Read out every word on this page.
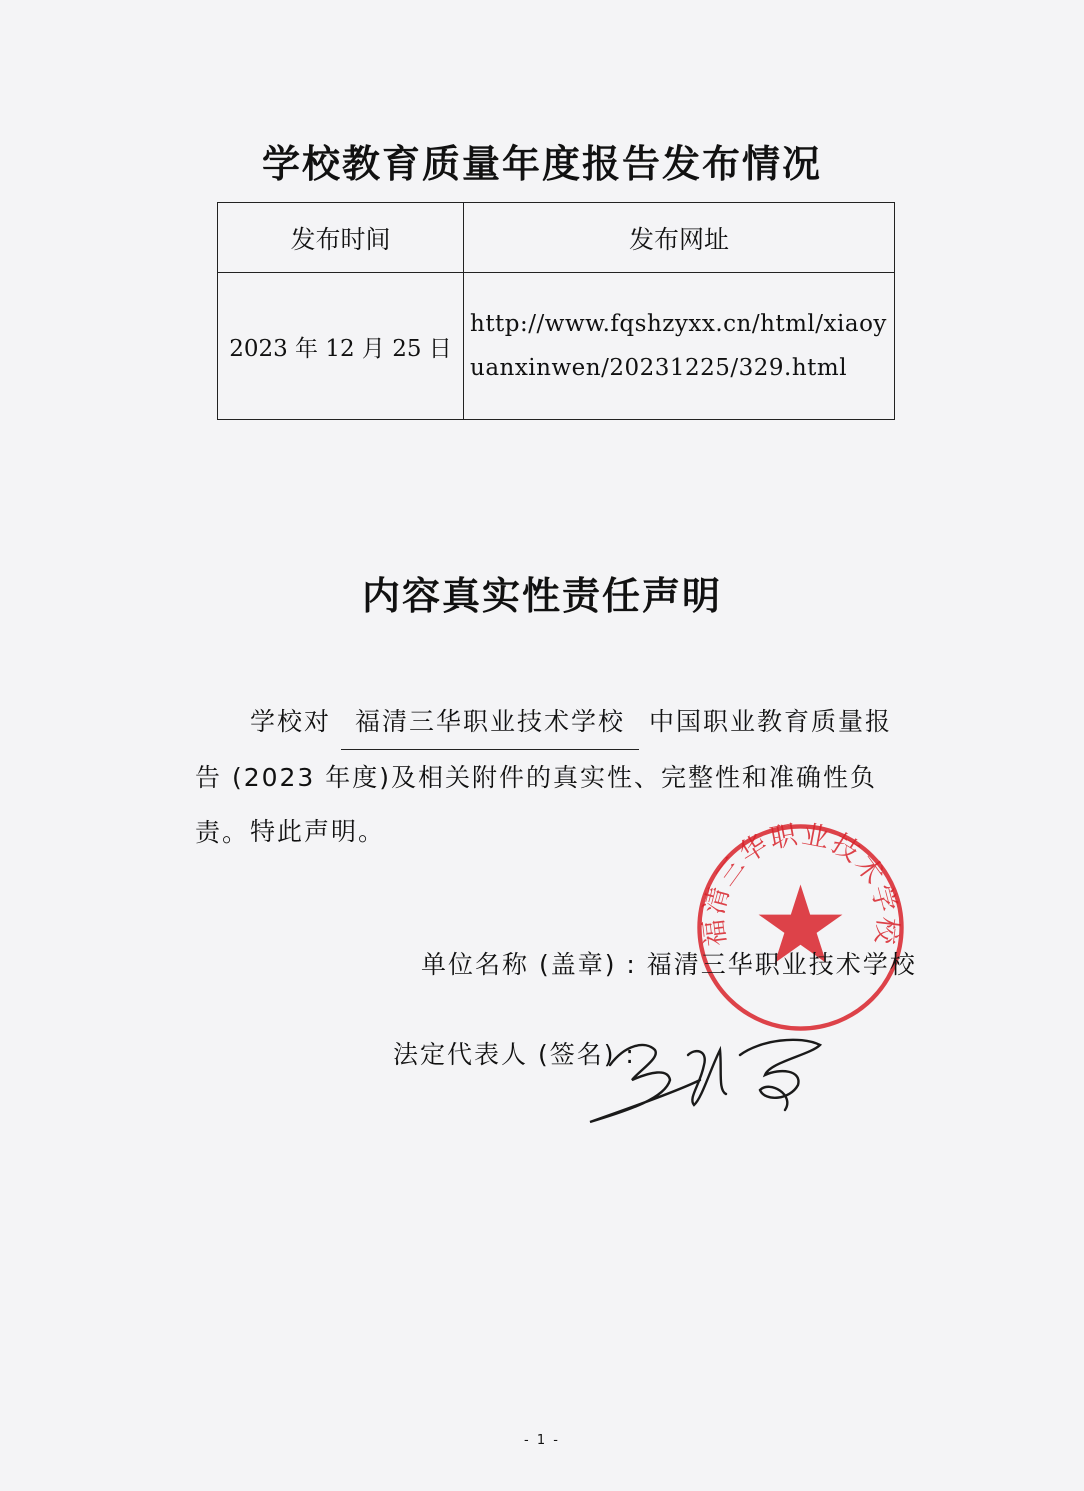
学校教育质量年度报告发布情况
发布时间	发布网址
2023 年 12 月 25 日	http://www.fqshzyxx.cn/html/xiaoyuanxinwen/20231225/329.html
内容真实性责任声明
学校对 福清三华职业技术学校 中国职业教育质量报
告 (2023 年度)及相关附件的真实性、完整性和准确性负责。 特此声明。
福清三华职业技术学校
单位名称 (盖章) : 福清三华职业技术学校
法定代表人 (签名) :
- 1 -
